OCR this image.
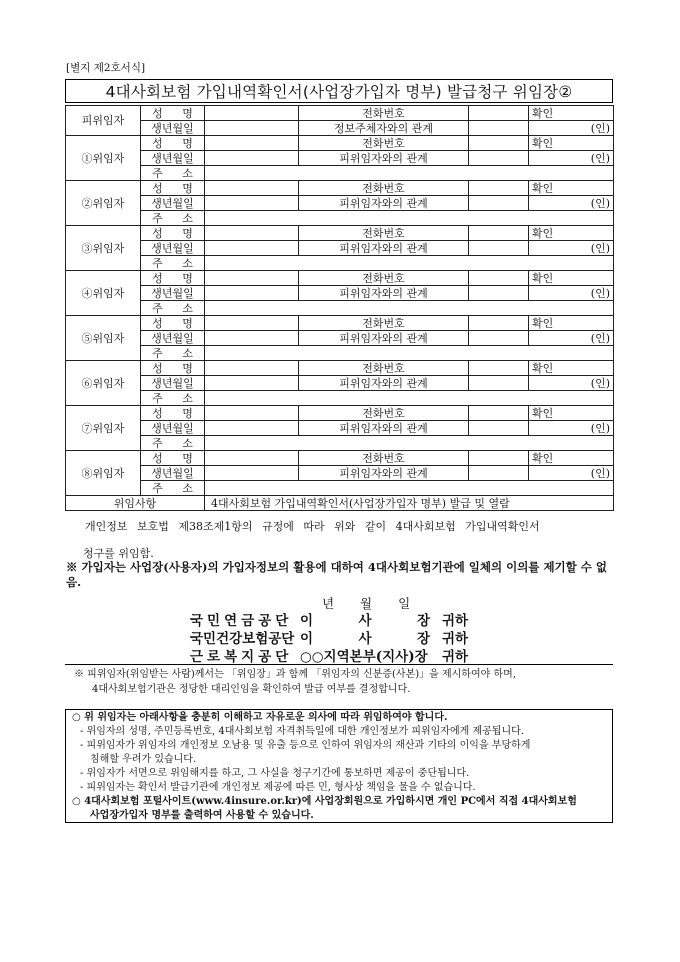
[별지 제2호서식]
4대사회보험 가입내역확인서(사업장가입자 명부) 발급청구 위임장②
피위임자	성 명		전화번호		확인
	생년월일		정보주체자와의 관계		(인)
①위임자	성 명		전화번호		확인
	생년월일		피위임자와의 관계		(인)
	주 소				
②위임자	성 명		전화번호		확인
	생년월일		피위임자와의 관계		(인)
	주 소				
③위임자	성 명		전화번호		확인
	생년월일		피위임자와의 관계		(인)
	주 소				
④위임자	성 명		전화번호		확인
	생년월일		피위임자와의 관계		(인)
	주 소				
⑤위임자	성 명		전화번호		확인
	생년월일		피위임자와의 관계		(인)
	주 소				
⑥위임자	성 명		전화번호		확인
	생년월일		피위임자와의 관계		(인)
	주 소				
⑦위임자	성 명		전화번호		확인
	생년월일		피위임자와의 관계		(인)
	주 소				
⑧위임자	성 명		전화번호		확인
	생년월일		피위임자와의 관계		(인)
	주 소				
위임사항		4대사회보험 가입내역확인서(사업장가입자 명부) 발급 및 열람			
개인정보 보호법 제38조제1항의 규정에 따라 위와 같이 4대사회보험 가입내역확인서
청구를 위임함.
※ 가입자는 사업장(사용자)의 가입자정보의 활용에 대하여 4대사회보험기관에 일체의 이의를 제기할 수 없음.
년 월 일
국민연금공단 이	사	장 귀하
국민건강보험공단 이	사	장 귀하
근로복지공단 ○○지역본부(지사)장 귀하
※ 피위임자(위임받는 사람)께서는 「위임장」과 함께 「위임자의 신분증(사본)」을 제시하여야 하며,
4대사회보험기관은 정당한 대리인임을 확인하여 발급 여부를 결정합니다.
○ 위 위임자는 아래사항을 충분히 이해하고 자유로운 의사에 따라 위임하여야 합니다.
- 위임자의 성명, 주민등록번호, 4대사회보험 자격취득일에 대한 개인정보가 피위임자에게 제공됩니다.
- 피위임자가 위임자의 개인정보 오남용 및 유출 등으로 인하여 위임자의 재산과 기타의 이익을 부당하게
침해할 우려가 있습니다.
- 위임자가 서면으로 위임해지를 하고, 그 사실을 청구기간에 통보하면 제공이 중단됩니다.
- 피위임자는 확인서 발급기관에 개인정보 제공에 따른 민, 형사상 책임을 물을 수 없습니다.
○ 4대사회보험 포털사이트(www.4insure.or.kr)에 사업장회원으로 가입하시면 개인 PC에서 직접 4대사회보험
사업장가입자 명부를 출력하여 사용할 수 있습니다.
